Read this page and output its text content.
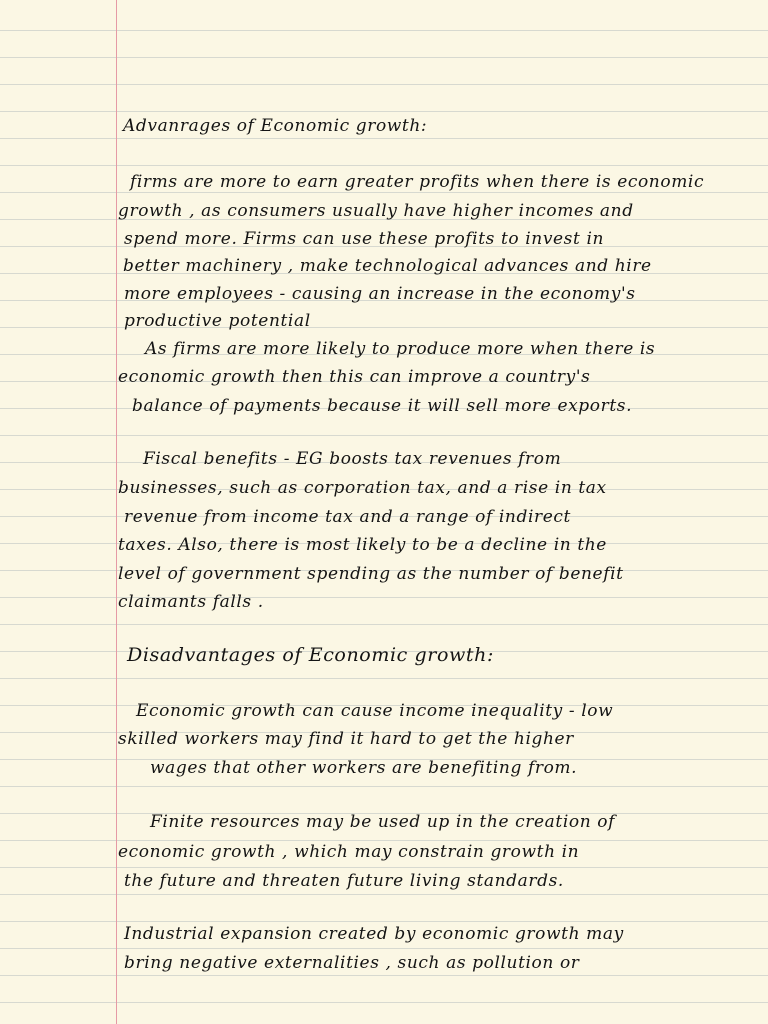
Advanrages of Economic growth:
firms are more to earn greater profits when there is economic
growth , as consumers usually have higher incomes and
spend more. Firms can use these profits to invest in
better machinery , make technological advances and hire
more employees - causing an increase in the economy's
productive potential
As firms are more likely to produce more when there is
economic growth then this can improve a country's
balance of payments because it will sell more exports.
Fiscal benefits - EG boosts tax revenues from
businesses, such as corporation tax, and a rise in tax
revenue from income tax and a range of indirect
taxes. Also, there is most likely to be a decline in the
level of government spending as the number of benefit
claimants falls .
Disadvantages of Economic growth:
Economic growth can cause income inequality - low
skilled workers may find it hard to get the higher
wages that other workers are benefiting from.
Finite resources may be used up in the creation of
economic growth , which may constrain growth in
the future and threaten future living standards.
Industrial expansion created by economic growth may
bring negative externalities , such as pollution or
